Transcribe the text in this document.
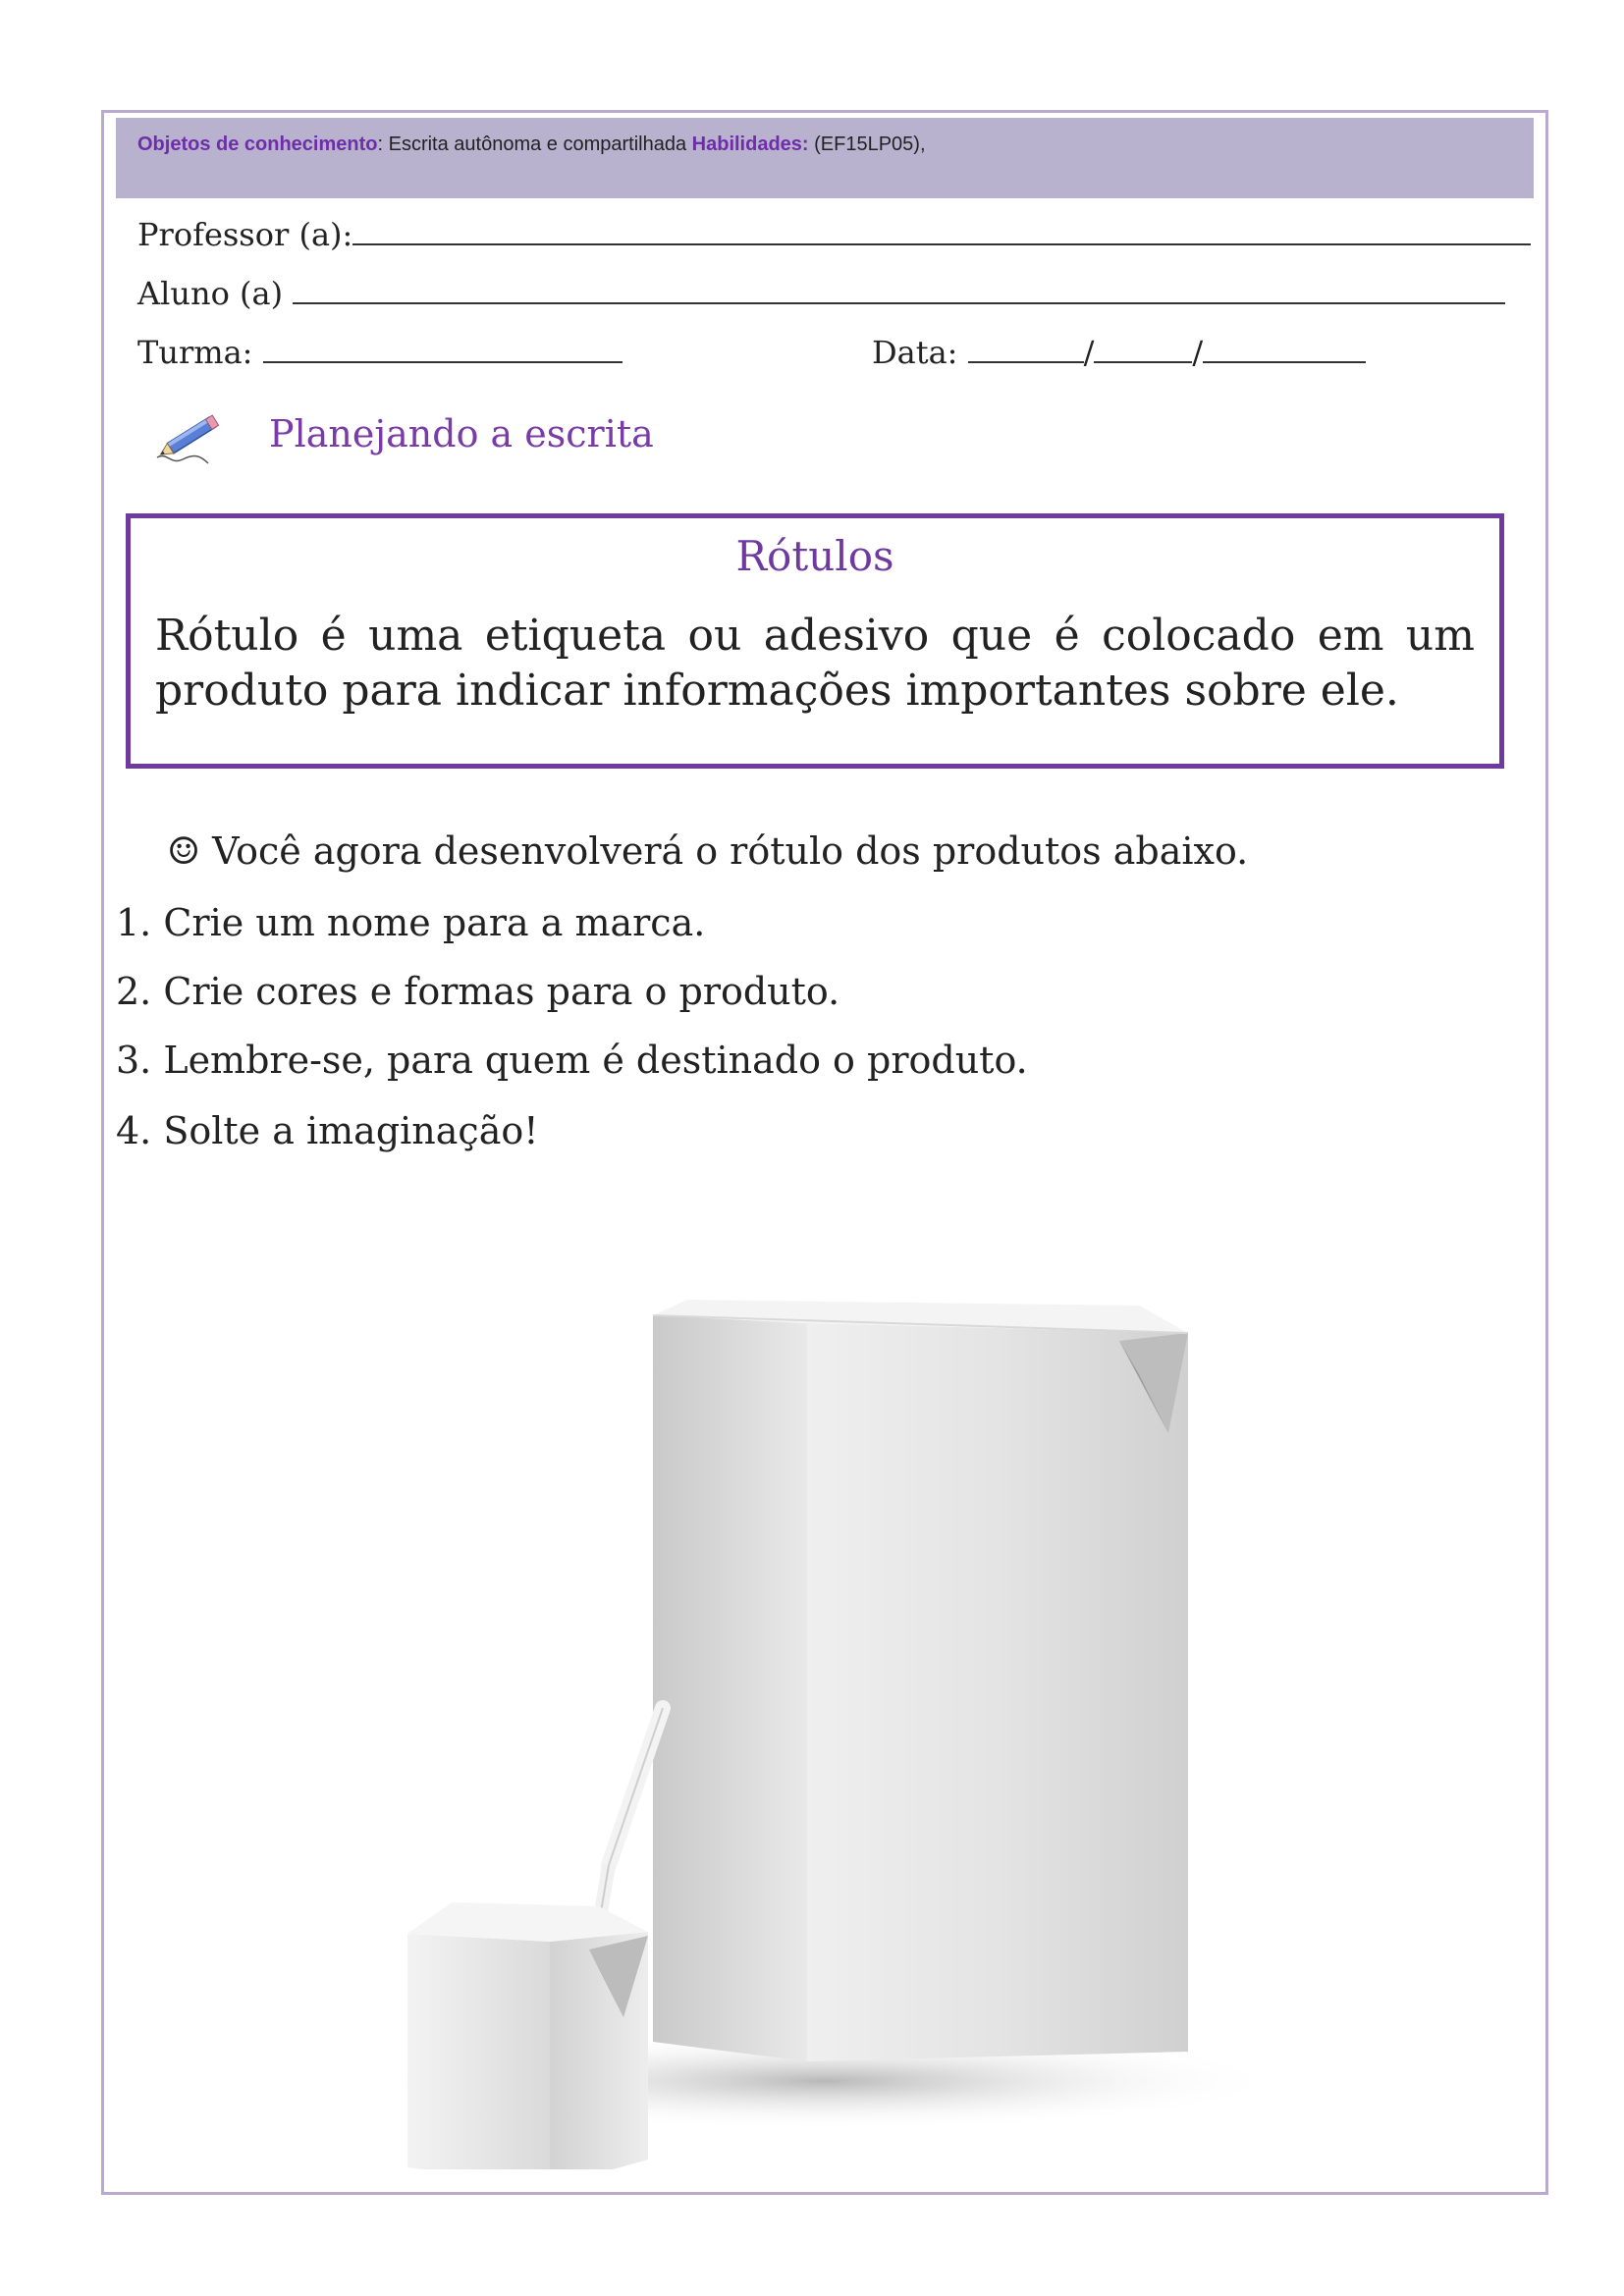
Objetos de conhecimento: Escrita autônoma e compartilhada Habilidades: (EF15LP05),
Professor (a):
Aluno (a)
Turma:	Data:	/	/
Planejando a escrita
Rótulos
Rótulo é uma etiqueta ou adesivo que é colocado em um produto para indicar informações importantes sobre ele.
☺ Você agora desenvolverá o rótulo dos produtos abaixo.
1. Crie um nome para a marca.
2. Crie cores e formas para o produto.
3. Lembre-se, para quem é destinado o produto.
4. Solte a imaginação!
